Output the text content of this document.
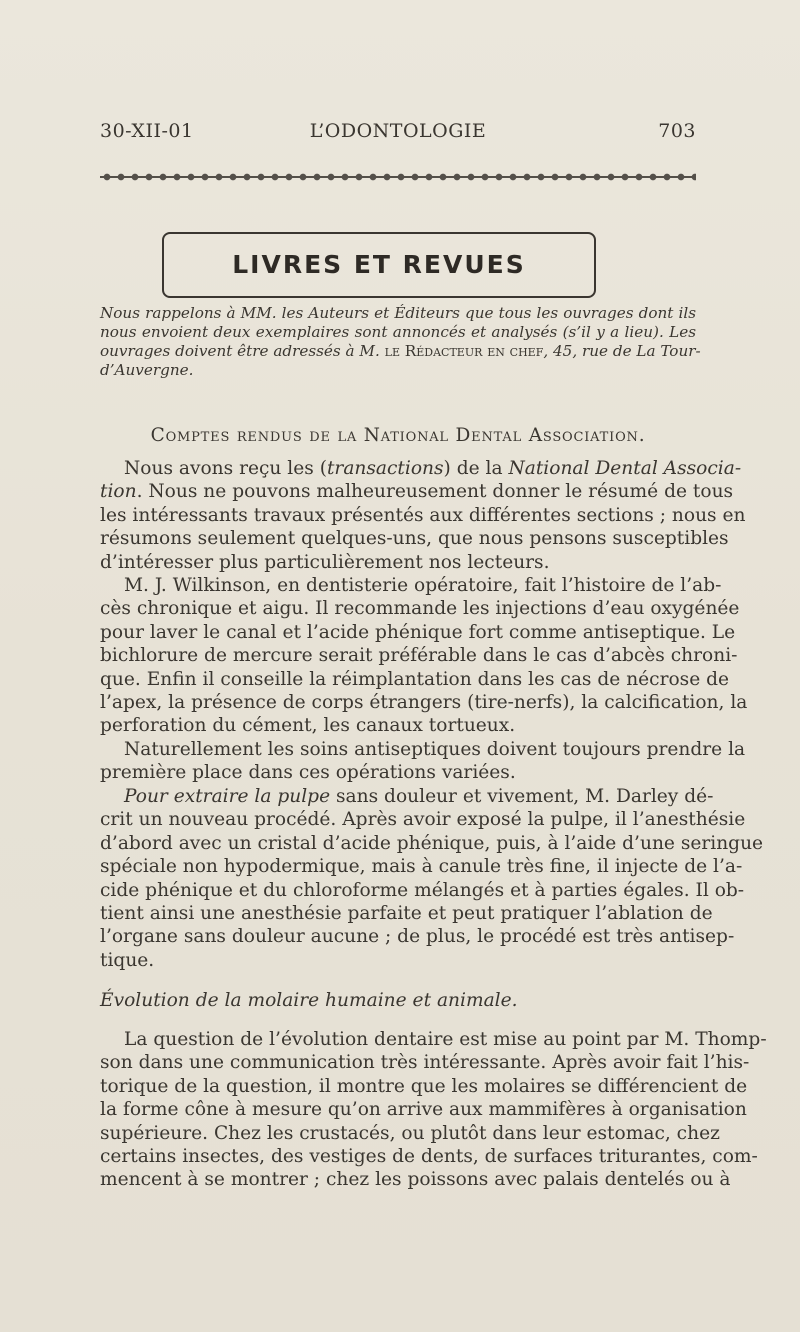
30-XII-01	L’ODONTOLOGIE	703
LIVRES ET REVUES
Nous rappelons à MM. les Auteurs et Éditeurs que tous les ouvrages dont ils
nous envoient deux exemplaires sont annoncés et analysés (s’il y a lieu). Les
ouvrages doivent être adressés à M. le Rédacteur en chef, 45, rue de La Tour-
d’Auvergne.
Comptes rendus de la National Dental Association.
Nous avons reçu les (transactions) de la National Dental Associa-
tion. Nous ne pouvons malheureusement donner le résumé de tous
les intéressants travaux présentés aux différentes sections ; nous en
résumons seulement quelques-uns, que nous pensons susceptibles
d’intéresser plus particulièrement nos lecteurs.
M. J. Wilkinson, en dentisterie opératoire, fait l’histoire de l’ab-
cès chronique et aigu. Il recommande les injections d’eau oxygénée
pour laver le canal et l’acide phénique fort comme antiseptique. Le
bichlorure de mercure serait préférable dans le cas d’abcès chroni-
que. Enfin il conseille la réimplantation dans les cas de nécrose de
l’apex, la présence de corps étrangers (tire-nerfs), la calcification, la
perforation du cément, les canaux tortueux.
Naturellement les soins antiseptiques doivent toujours prendre la
première place dans ces opérations variées.
Pour extraire la pulpe sans douleur et vivement, M. Darley dé-
crit un nouveau procédé. Après avoir exposé la pulpe, il l’anesthésie
d’abord avec un cristal d’acide phénique, puis, à l’aide d’une seringue
spéciale non hypodermique, mais à canule très fine, il injecte de l’a-
cide phénique et du chloroforme mélangés et à parties égales. Il ob-
tient ainsi une anesthésie parfaite et peut pratiquer l’ablation de
l’organe sans douleur aucune ; de plus, le procédé est très antisep-
tique.
Évolution de la molaire humaine et animale.
La question de l’évolution dentaire est mise au point par M. Thomp-
son dans une communication très intéressante. Après avoir fait l’his-
torique de la question, il montre que les molaires se différencient de
la forme cône à mesure qu’on arrive aux mammifères à organisation
supérieure. Chez les crustacés, ou plutôt dans leur estomac, chez
certains insectes, des vestiges de dents, de surfaces triturantes, com-
mencent à se montrer ; chez les poissons avec palais dentelés ou à
